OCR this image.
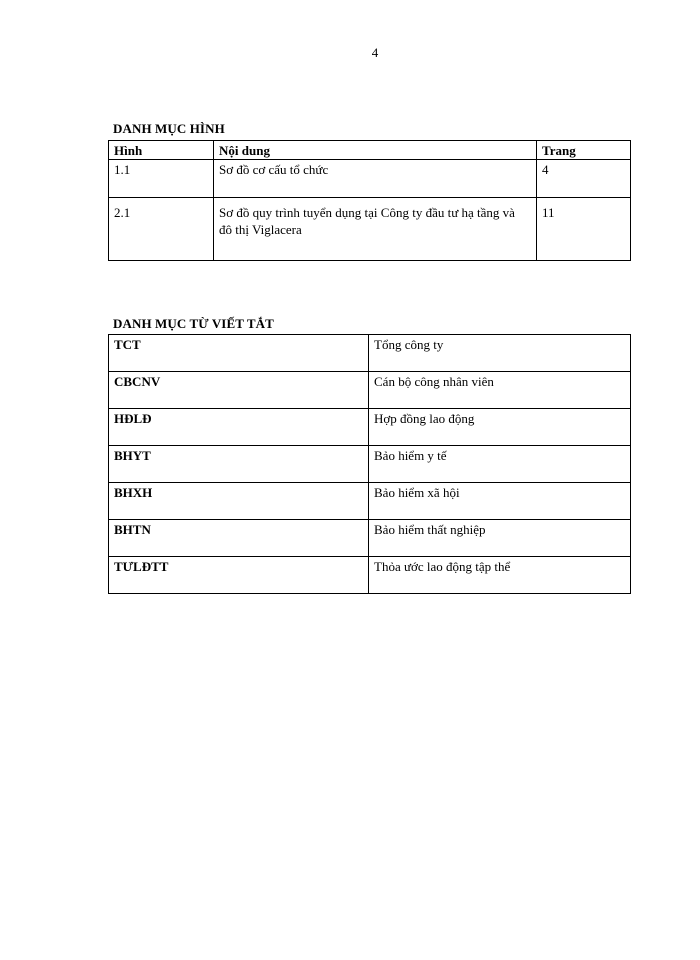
4
DANH MỤC HÌNH
Hình	Nội dung	Trang
1.1	Sơ đồ cơ cấu tổ chức	4
2.1	Sơ đồ quy trình tuyển dụng tại Công ty đầu tư hạ tầng và đô thị Viglacera	11
DANH MỤC TỪ VIẾT TẮT
TCT	Tổng công ty
CBCNV	Cán bộ công nhân viên
HĐLĐ	Hợp đồng lao động
BHYT	Bảo hiểm y tế
BHXH	Bảo hiểm xã hội
BHTN	Bảo hiểm thất nghiệp
TƯLĐTT	Thỏa ước lao động tập thể
